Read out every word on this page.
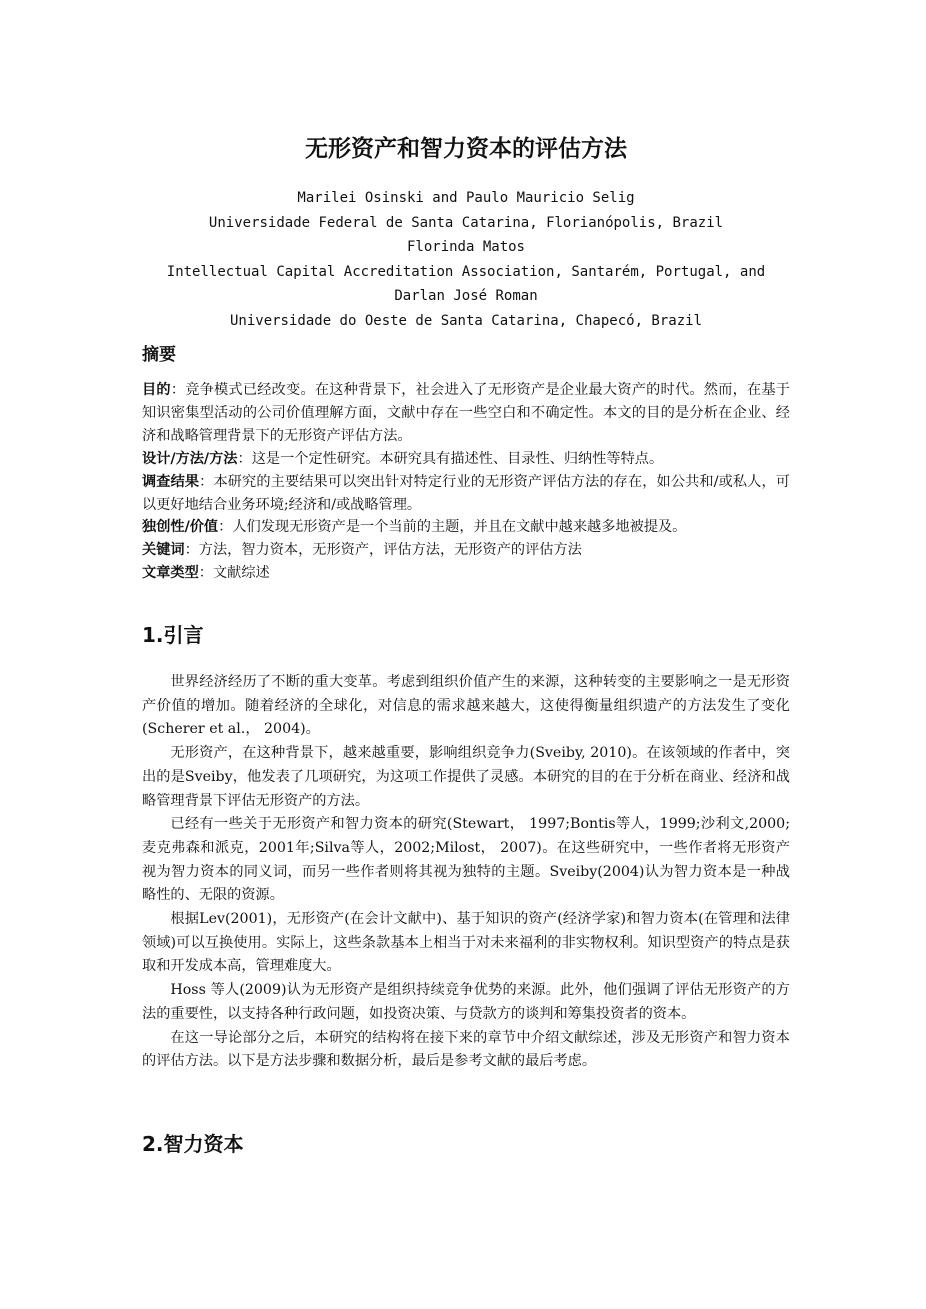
无形资产和智力资本的评估方法
Marilei Osinski and Paulo Mauricio Selig
Universidade Federal de Santa Catarina, Florianópolis, Brazil
Florinda Matos
Intellectual Capital Accreditation Association, Santarém, Portugal, and
Darlan José Roman
Universidade do Oeste de Santa Catarina, Chapecó, Brazil
摘要

目的：竞争模式已经改变。在这种背景下，社会进入了无形资产是企业最大资产的时代。然而，在基于知识密集型活动的公司价值理解方面，文献中存在一些空白和不确定性。本文的目的是分析在企业、经济和战略管理背景下的无形资产评估方法。

设计/方法/方法：这是一个定性研究。本研究具有描述性、目录性、归纳性等特点。

调查结果：本研究的主要结果可以突出针对特定行业的无形资产评估方法的存在，如公共和/或私人，可以更好地结合业务环境;经济和/或战略管理。

独创性/价值：人们发现无形资产是一个当前的主题，并且在文献中越来越多地被提及。

关键词：方法，智力资本，无形资产，评估方法，无形资产的评估方法

文章类型：文献综述

1.引言

世界经济经历了不断的重大变革。考虑到组织价值产生的来源，这种转变的主要影响之一是无形资产价值的增加。随着经济的全球化，对信息的需求越来越大，这使得衡量组织遗产的方法发生了变化(Scherer et al.， 2004)。

无形资产，在这种背景下，越来越重要，影响组织竞争力(Sveiby, 2010)。在该领域的作者中，突出的是Sveiby，他发表了几项研究，为这项工作提供了灵感。本研究的目的在于分析在商业、经济和战略管理背景下评估无形资产的方法。

已经有一些关于无形资产和智力资本的研究(Stewart， 1997;Bontis等人，1999;沙利文,2000;麦克弗森和派克，2001年;Silva等人，2002;Milost， 2007)。在这些研究中，一些作者将无形资产视为智力资本的同义词，而另一些作者则将其视为独特的主题。Sveiby(2004)认为智力资本是一种战略性的、无限的资源。

根据Lev(2001)，无形资产(在会计文献中)、基于知识的资产(经济学家)和智力资本(在管理和法律领域)可以互换使用。实际上，这些条款基本上相当于对未来福利的非实物权利。知识型资产的特点是获取和开发成本高，管理难度大。

Hoss 等人(2009)认为无形资产是组织持续竞争优势的来源。此外，他们强调了评估无形资产的方法的重要性，以支持各种行政问题，如投资决策、与贷款方的谈判和筹集投资者的资本。

在这一导论部分之后，本研究的结构将在接下来的章节中介绍文献综述，涉及无形资产和智力资本的评估方法。以下是方法步骤和数据分析，最后是参考文献的最后考虑。

2.智力资本
